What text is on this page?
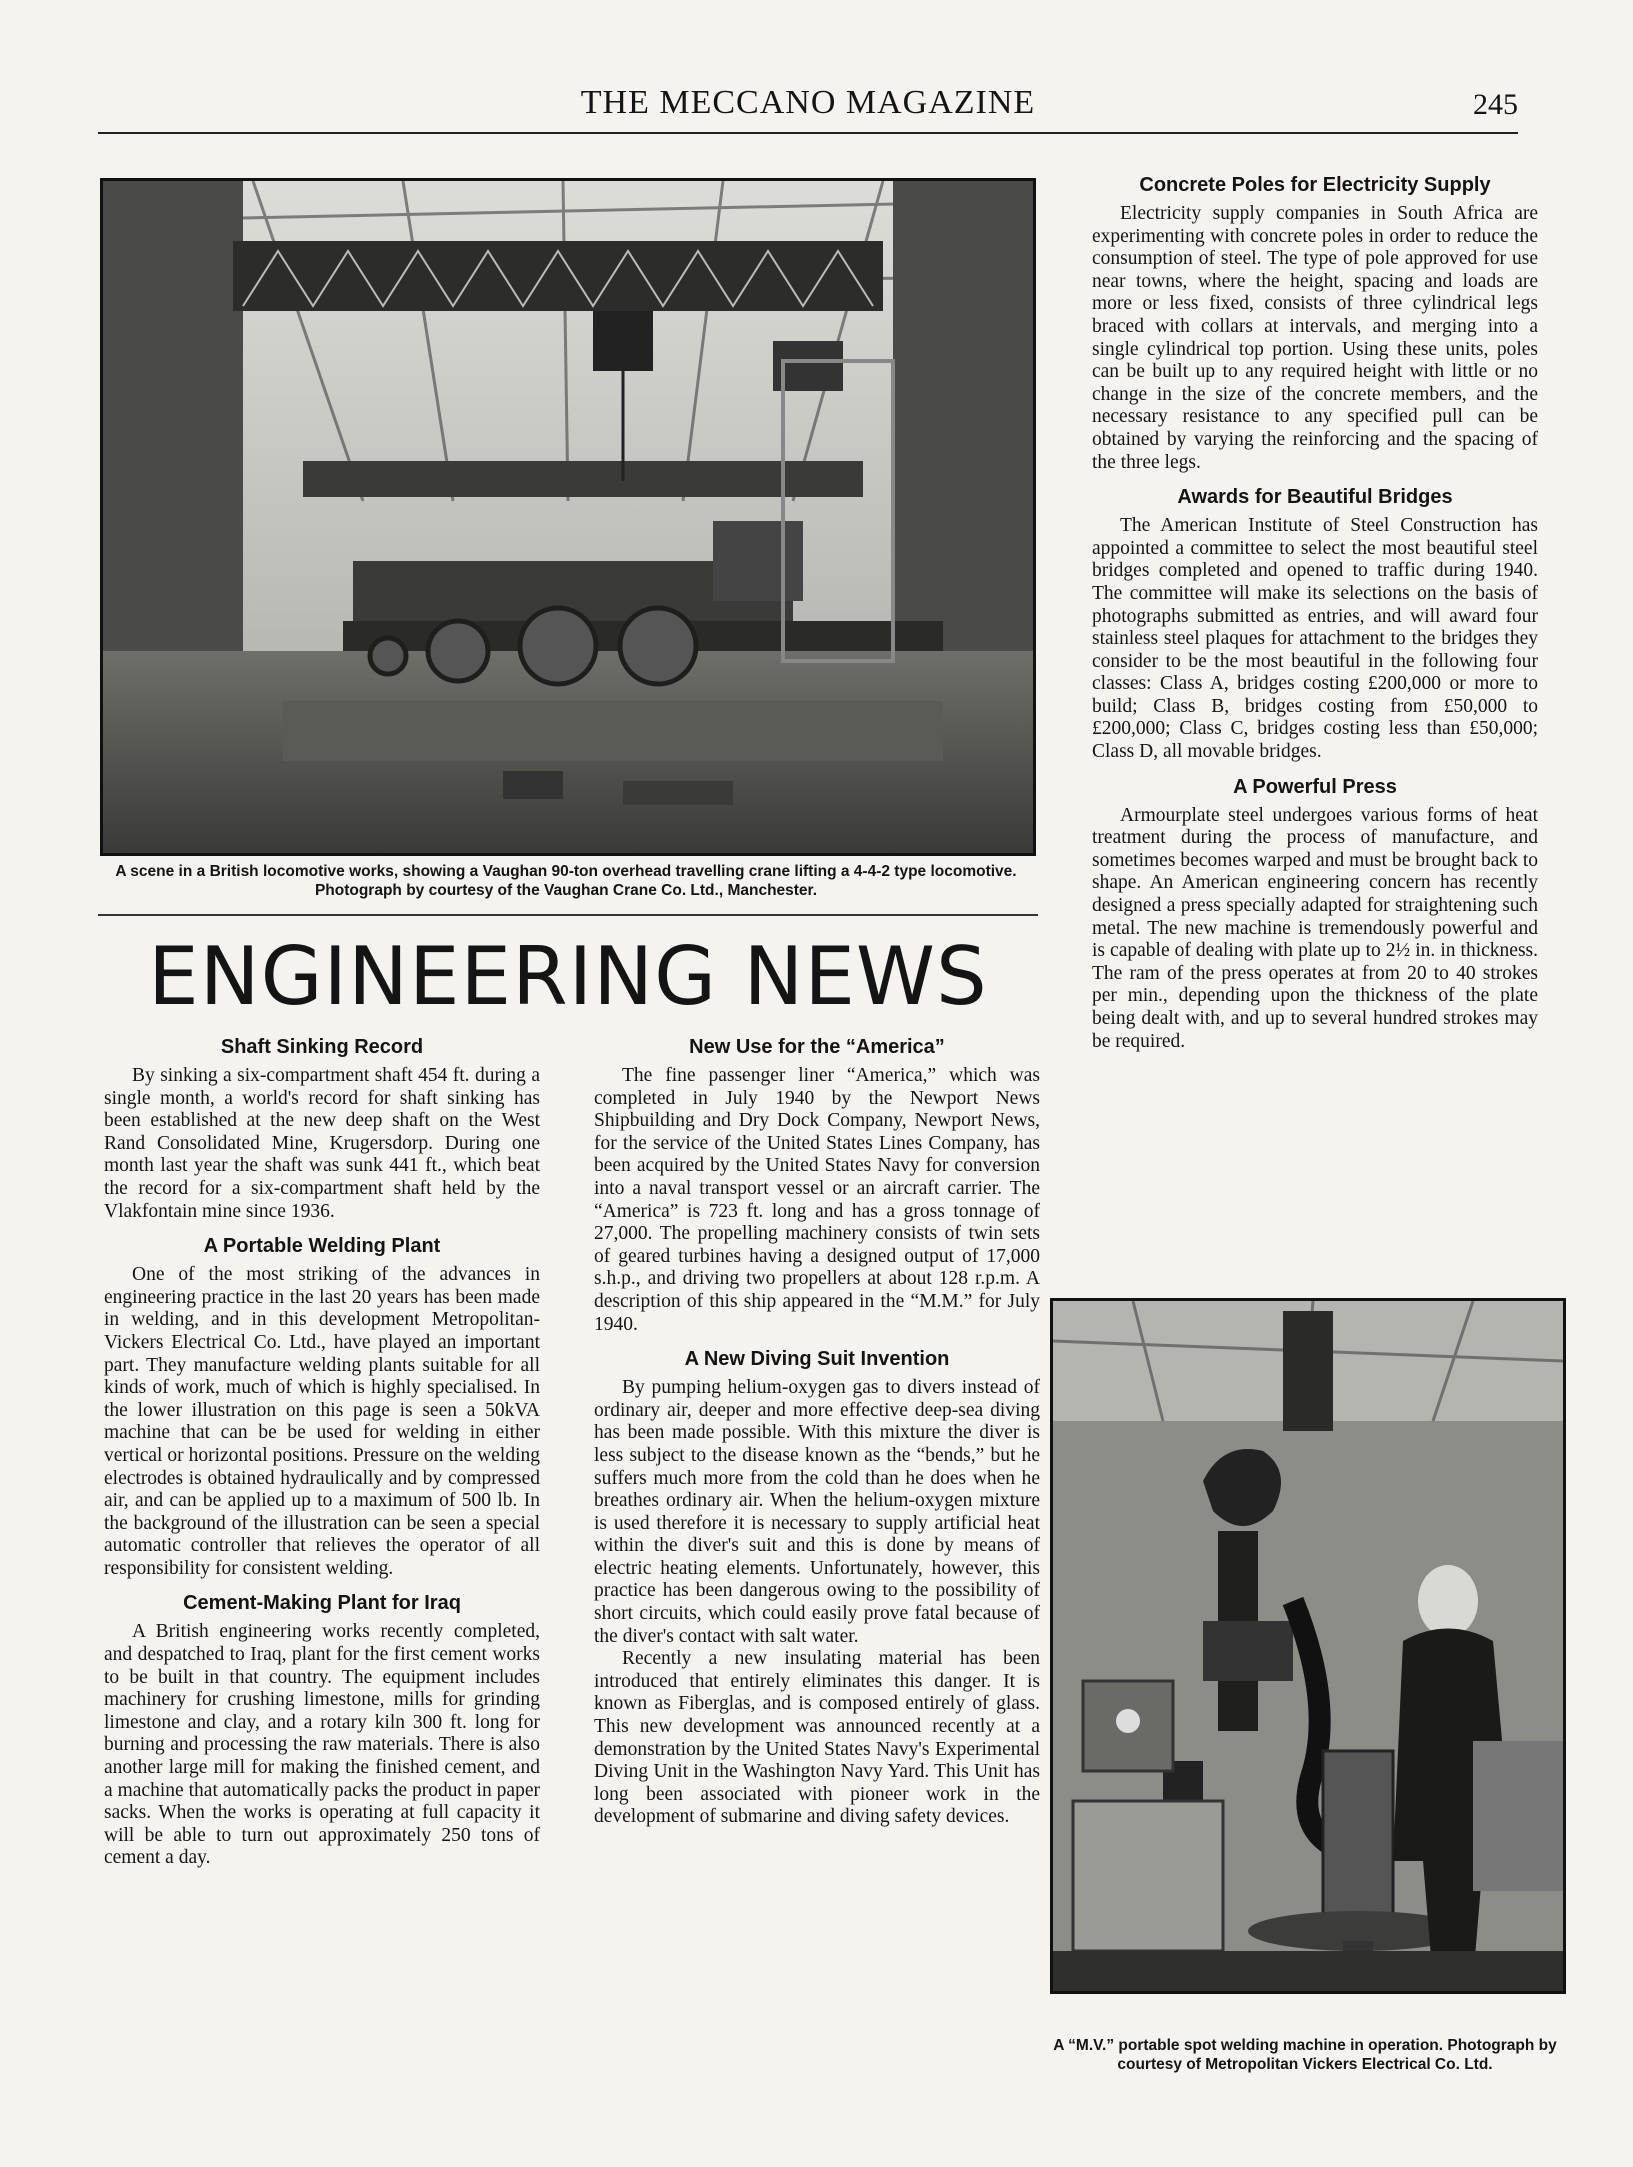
THE MECCANO MAGAZINE	245
A scene in a British locomotive works, showing a Vaughan 90-ton overhead travelling crane lifting a 4-4-2 type locomotive. Photograph by courtesy of the Vaughan Crane Co. Ltd., Manchester.
ENGINEERING NEWS
Shaft Sinking Record

By sinking a six-compartment shaft 454 ft. during a single month, a world's record for shaft sinking has been established at the new deep shaft on the West Rand Consolidated Mine, Krugersdorp. During one month last year the shaft was sunk 441 ft., which beat the record for a six-compartment shaft held by the Vlakfontain mine since 1936.

A Portable Welding Plant

One of the most striking of the advances in engineering practice in the last 20 years has been made in welding, and in this development Metropolitan-Vickers Electrical Co. Ltd., have played an important part. They manufacture welding plants suitable for all kinds of work, much of which is highly specialised. In the lower illustration on this page is seen a 50kVA machine that can be be used for welding in either vertical or horizontal positions. Pressure on the welding electrodes is obtained hydraulically and by compressed air, and can be applied up to a maximum of 500 lb. In the background of the illustration can be seen a special automatic controller that relieves the operator of all responsibility for consistent welding.

Cement-Making Plant for Iraq

A British engineering works recently completed, and despatched to Iraq, plant for the first cement works to be built in that country. The equipment includes machinery for crushing limestone, mills for grinding limestone and clay, and a rotary kiln 300 ft. long for burning and processing the raw materials. There is also another large mill for making the finished cement, and a machine that automatically packs the product in paper sacks. When the works is operating at full capacity it will be able to turn out approximately 250 tons of cement a day.

New Use for the “America”

The fine passenger liner “America,” which was completed in July 1940 by the Newport News Shipbuilding and Dry Dock Company, Newport News, for the service of the United States Lines Company, has been acquired by the United States Navy for conversion into a naval transport vessel or an aircraft carrier. The “America” is 723 ft. long and has a gross tonnage of 27,000. The propelling machinery consists of twin sets of geared turbines having a designed output of 17,000 s.h.p., and driving two propellers at about 128 r.p.m. A description of this ship appeared in the “M.M.” for July 1940.

A New Diving Suit Invention

By pumping helium-oxygen gas to divers instead of ordinary air, deeper and more effective deep-sea diving has been made possible. With this mixture the diver is less subject to the disease known as the “bends,” but he suffers much more from the cold than he does when he breathes ordinary air. When the helium-oxygen mixture is used therefore it is necessary to supply artificial heat within the diver's suit and this is done by means of electric heating elements. Unfortunately, however, this practice has been dangerous owing to the possibility of short circuits, which could easily prove fatal because of the diver's contact with salt water.

Recently a new insulating material has been introduced that entirely eliminates this danger. It is known as Fiberglas, and is composed entirely of glass. This new development was announced recently at a demonstration by the United States Navy's Experimental Diving Unit in the Washington Navy Yard. This Unit has long been associated with pioneer work in the development of submarine and diving safety devices.

Concrete Poles for Electricity Supply

Electricity supply companies in South Africa are experimenting with concrete poles in order to reduce the consumption of steel. The type of pole approved for use near towns, where the height, spacing and loads are more or less fixed, consists of three cylindrical legs braced with collars at intervals, and merging into a single cylindrical top portion. Using these units, poles can be built up to any required height with little or no change in the size of the concrete members, and the necessary resistance to any specified pull can be obtained by varying the reinforcing and the spacing of the three legs.

Awards for Beautiful Bridges

The American Institute of Steel Construction has appointed a committee to select the most beautiful steel bridges completed and opened to traffic during 1940. The committee will make its selections on the basis of photographs submitted as entries, and will award four stainless steel plaques for attachment to the bridges they consider to be the most beautiful in the following four classes: Class A, bridges costing £200,000 or more to build; Class B, bridges costing from £50,000 to £200,000; Class C, bridges costing less than £50,000; Class D, all movable bridges.

A Powerful Press

Armourplate steel undergoes various forms of heat treatment during the process of manufacture, and sometimes becomes warped and must be brought back to shape. An American engineering concern has recently designed a press specially adapted for straightening such metal. The new machine is tremendously powerful and is capable of dealing with plate up to 2½ in. in thickness. The ram of the press operates at from 20 to 40 strokes per min., depending upon the thickness of the plate being dealt with, and up to several hundred strokes may be required.

A “M.V.” portable spot welding machine in operation. Photograph by courtesy of Metropolitan Vickers Electrical Co. Ltd.
